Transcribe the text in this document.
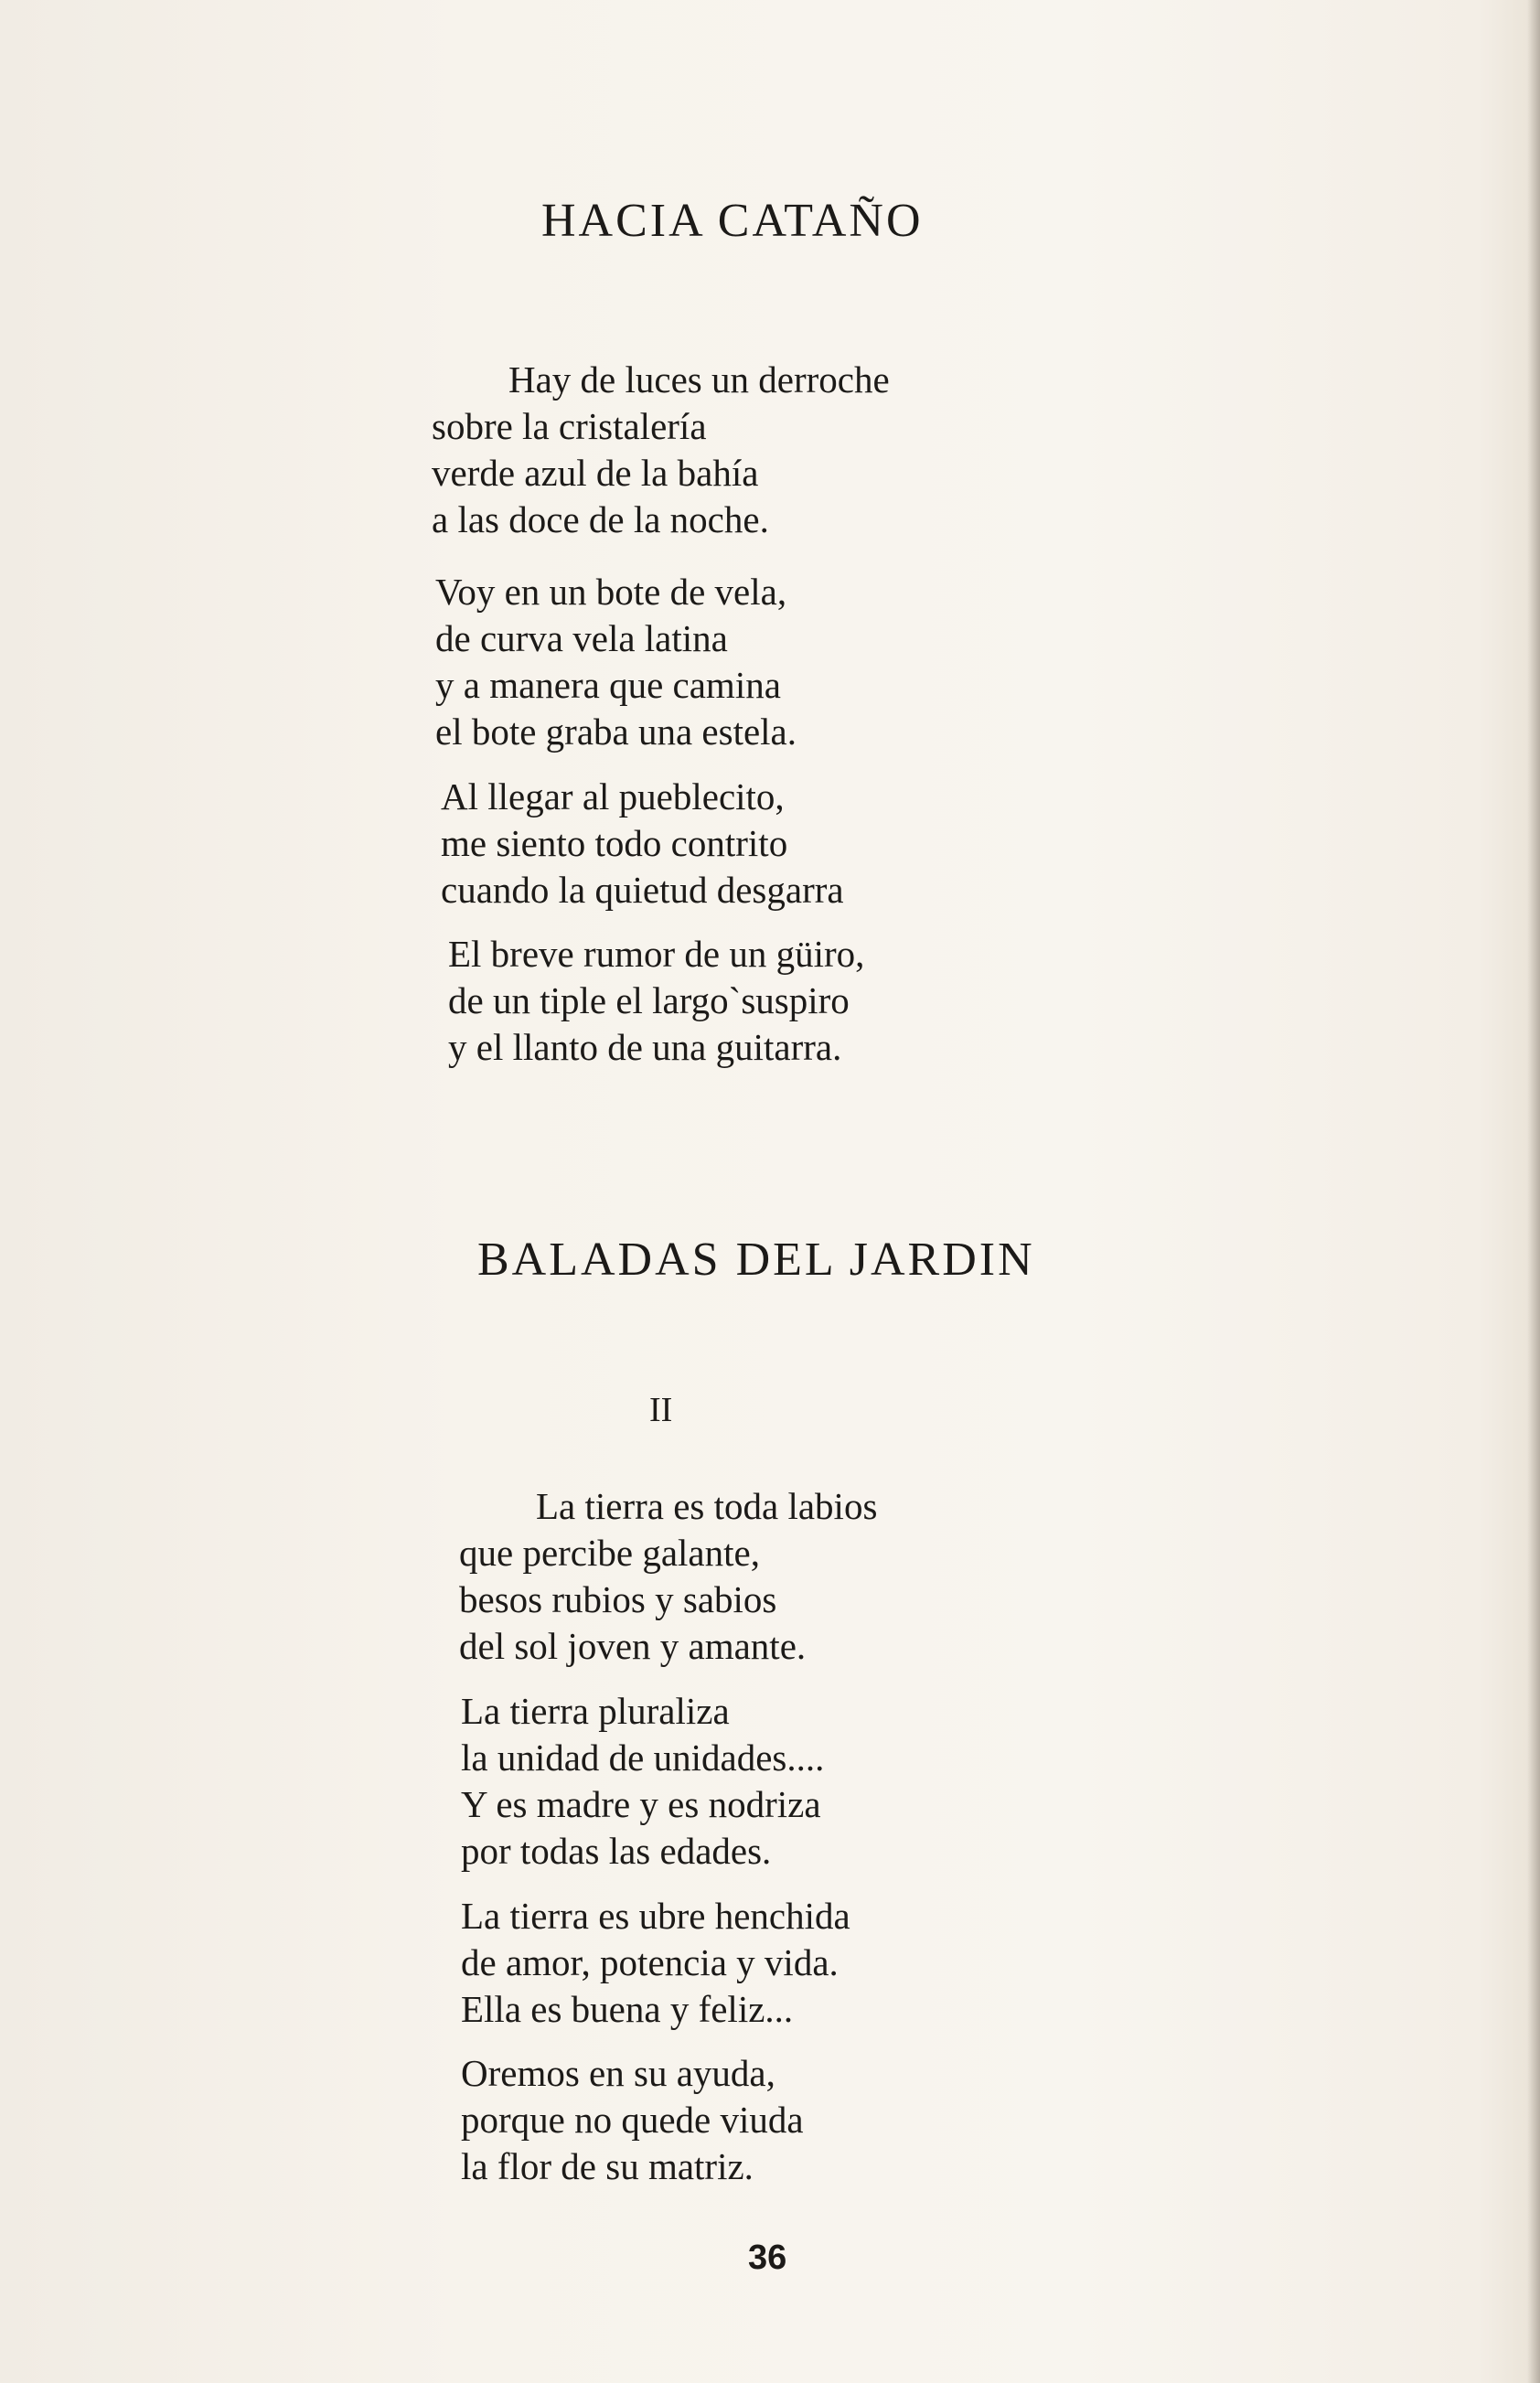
HACIA CATAÑO
Hay de luces un derroche
sobre la cristalería
verde azul de la bahía
a las doce de la noche.
Voy en un bote de vela,
de curva vela latina
y a manera que camina
el bote graba una estela.
Al llegar al pueblecito,
me siento todo contrito
cuando la quietud desgarra
El breve rumor de un güiro,
de un tiple el largo`suspiro
y el llanto de una guitarra.
BALADAS DEL JARDIN

II

La tierra es toda labios
que percibe galante,
besos rubios y sabios
del sol joven y amante.
La tierra pluraliza
la unidad de unidades....
Y es madre y es nodriza
por todas las edades.
La tierra es ubre henchida
de amor, potencia y vida.
Ella es buena y feliz...
Oremos en su ayuda,
porque no quede viuda
la flor de su matriz.

36
